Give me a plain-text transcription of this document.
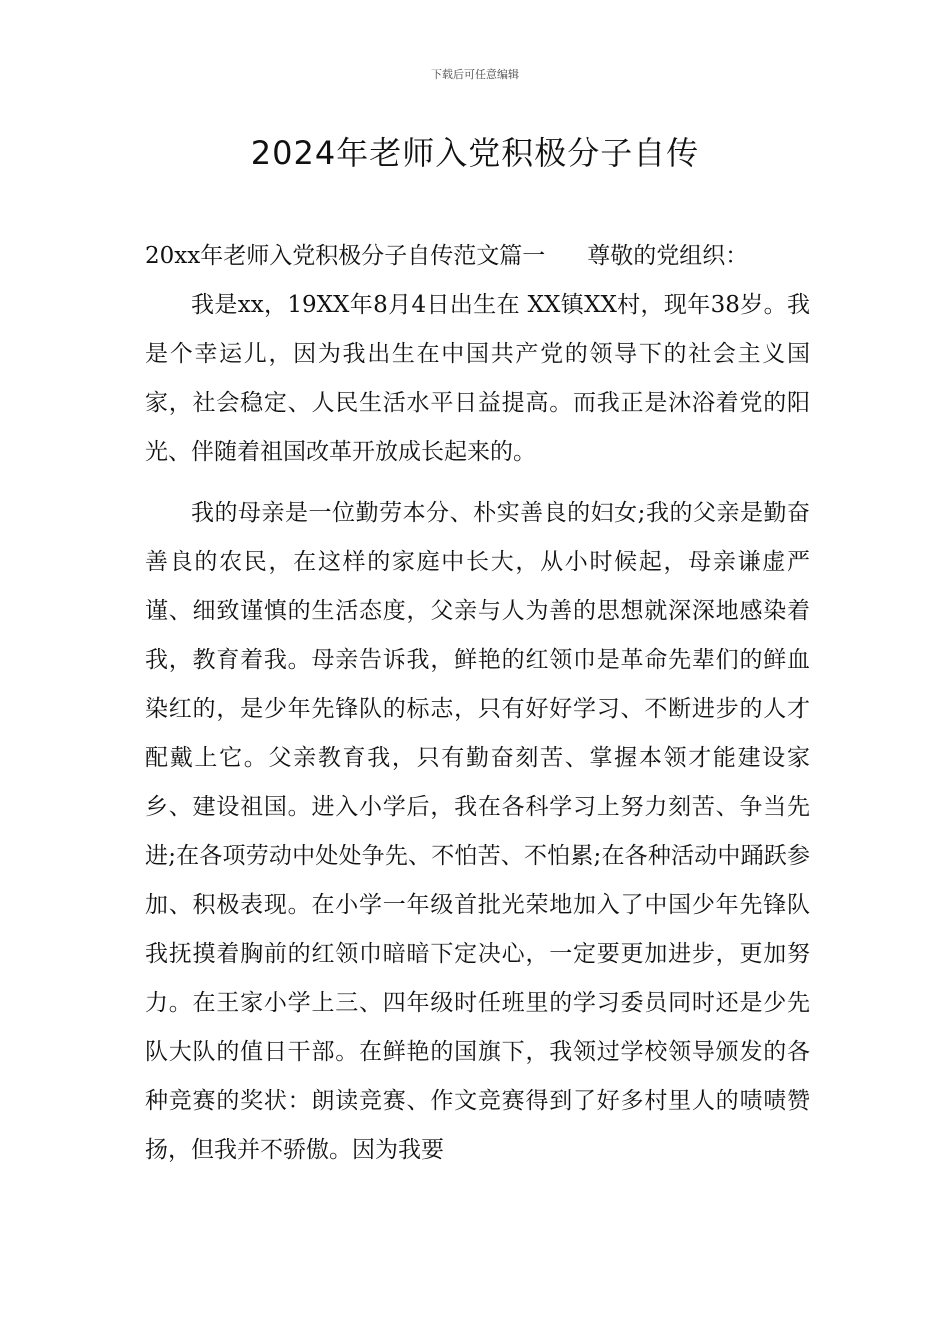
下载后可任意编辑
2024年老师入党积极分子自传
20xx年老师入党积极分子自传范文篇一 尊敬的党组织：

我是xx，19XX年8月4日出生在 XX镇XX村，现年38岁。我是个幸运儿，因为我出生在中国共产党的领导下的社会主义国家，社会稳定、人民生活水平日益提高。而我正是沐浴着党的阳光、伴随着祖国改革开放成长起来的。

我的母亲是一位勤劳本分、朴实善良的妇女;我的父亲是勤奋善良的农民，在这样的家庭中长大，从小时候起，母亲谦虚严谨、细致谨慎的生活态度，父亲与人为善的思想就深深地感染着我，教育着我。母亲告诉我，鲜艳的红领巾是革命先辈们的鲜血染红的，是少年先锋队的标志，只有好好学习、不断进步的人才配戴上它。父亲教育我，只有勤奋刻苦、掌握本领才能建设家乡、建设祖国。进入小学后，我在各科学习上努力刻苦、争当先进;在各项劳动中处处争先、不怕苦、不怕累;在各种活动中踊跃参加、积极表现。在小学一年级首批光荣地加入了中国少年先锋队我抚摸着胸前的红领巾暗暗下定决心，一定要更加进步，更加努力。在王家小学上三、四年级时任班里的学习委员同时还是少先队大队的值日干部。在鲜艳的国旗下，我领过学校领导颁发的各种竞赛的奖状：朗读竞赛、作文竞赛得到了好多村里人的啧啧赞扬，但我并不骄傲。因为我要
